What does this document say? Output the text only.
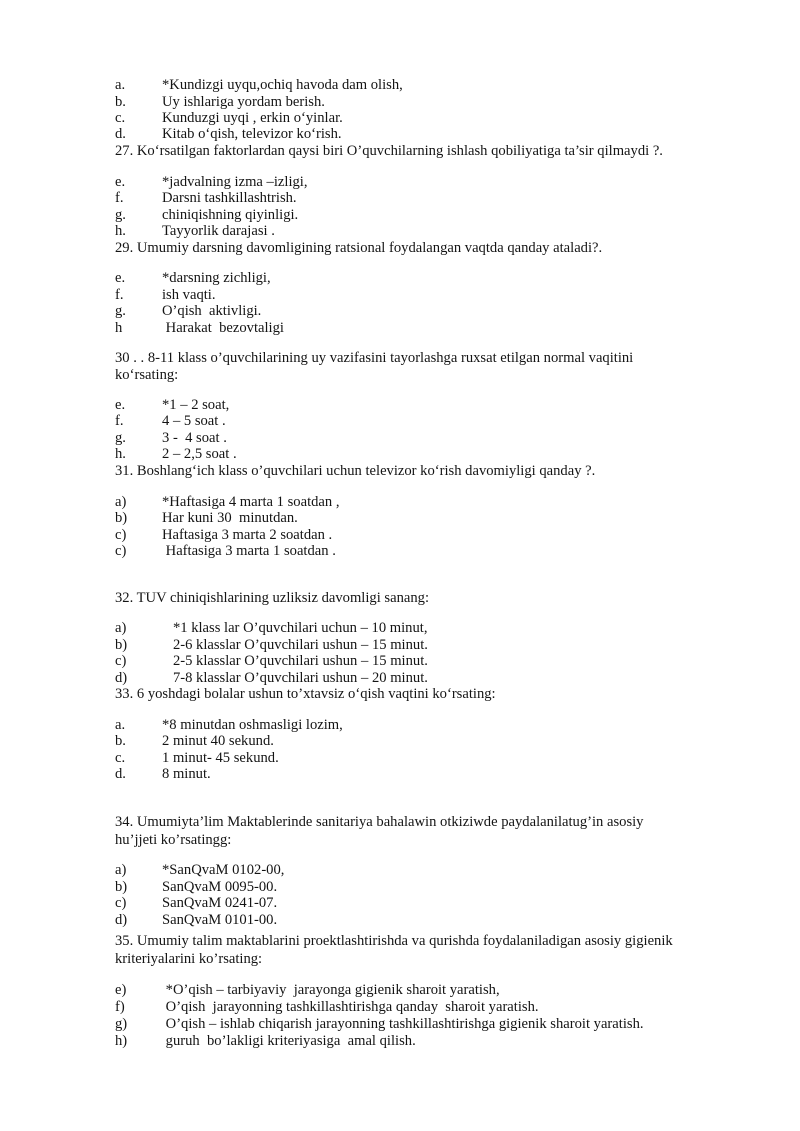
a.	*Kundizgi uyqu,ochiq havoda dam olish,
b. Uy ishlariga yordam berish.
c.	Kunduzgi uyqi , erkin o‘yinlar.
d. Kitab o‘qish, televizor ko‘rish.
27. Ko‘rsatilgan faktorlardan qaysi biri O’quvchilarning ishlash qobiliyatiga ta’sir qilmaydi ?.
e.	*jadvalning izma –izligi,
f.	Darsni tashkillashtrish.
g. chiniqishning qiyinligi.
h. Tayyorlik darajasi .
29. Umumiy darsning davomligining ratsional foydalangan vaqtda qanday ataladi?.
e.	*darsning zichligi,
f.	ish vaqti.
g. O’qish  aktivligi.
h	Harakat  bezovtaligi
30 . . 8-11 klass o’quvchilarining uy vazifasini tayorlashga ruxsat etilgan normal vaqitini
ko‘rsating:
e.	*1 – 2 soat,
f.	4 – 5 soat .
g. 3 -  4 soat .
h. 2 – 2,5 soat .
31. Boshlang‘ich klass o’quvchilari uchun televizor ko‘rish davomiyligi qanday ?.
a) *Haftasiga 4 marta 1 soatdan ,
b) Har kuni 30  minutdan.
c) Haftasiga 3 marta 2 soatdan .
c) Haftasiga 3 marta 1 soatdan .
32. TUV chiniqishlarining uzliksiz davomligi sanang:
a) *1 klass lar O’quvchilari uchun – 10 minut,
b) 2-6 klasslar O’quvchilari ushun – 15 minut.
c) 2-5 klasslar O’quvchilari ushun – 15 minut.
d) 7-8 klasslar O’quvchilari ushun – 20 minut.
33. 6 yoshdagi bolalar ushun to’xtavsiz o‘qish vaqtini ko‘rsating:
a.	*8 minutdan oshmasligi lozim,
b. 2 minut 40 sekund.
c.	1 minut- 45 sekund.
d. 8 minut.
34. Umumiyta’lim Maktablerinde sanitariya bahalawin otkiziwde paydalanilatug’in asosiy
hu’jjeti ko’rsatingg:
a) *SanQvaM 0102-00,
b) SanQvaM 0095-00.
c) SanQvaM 0241-07.
d) SanQvaM 0101-00.
35. Umumiy talim maktablarini proektlashtirishda va qurishda foydalaniladigan asosiy gigienik
kriteriyalarini ko’rsating:
e) *O’qish – tarbiyaviy  jarayonga gigienik sharoit yaratish,
f)	O’qish  jarayonning tashkillashtirishga qanday  sharoit yaratish.
g) O’qish – ishlab chiqarish jarayonning tashkillashtirishga gigienik sharoit yaratish.
h) guruh  bo’lakligi kriteriyasiga  amal qilish.
